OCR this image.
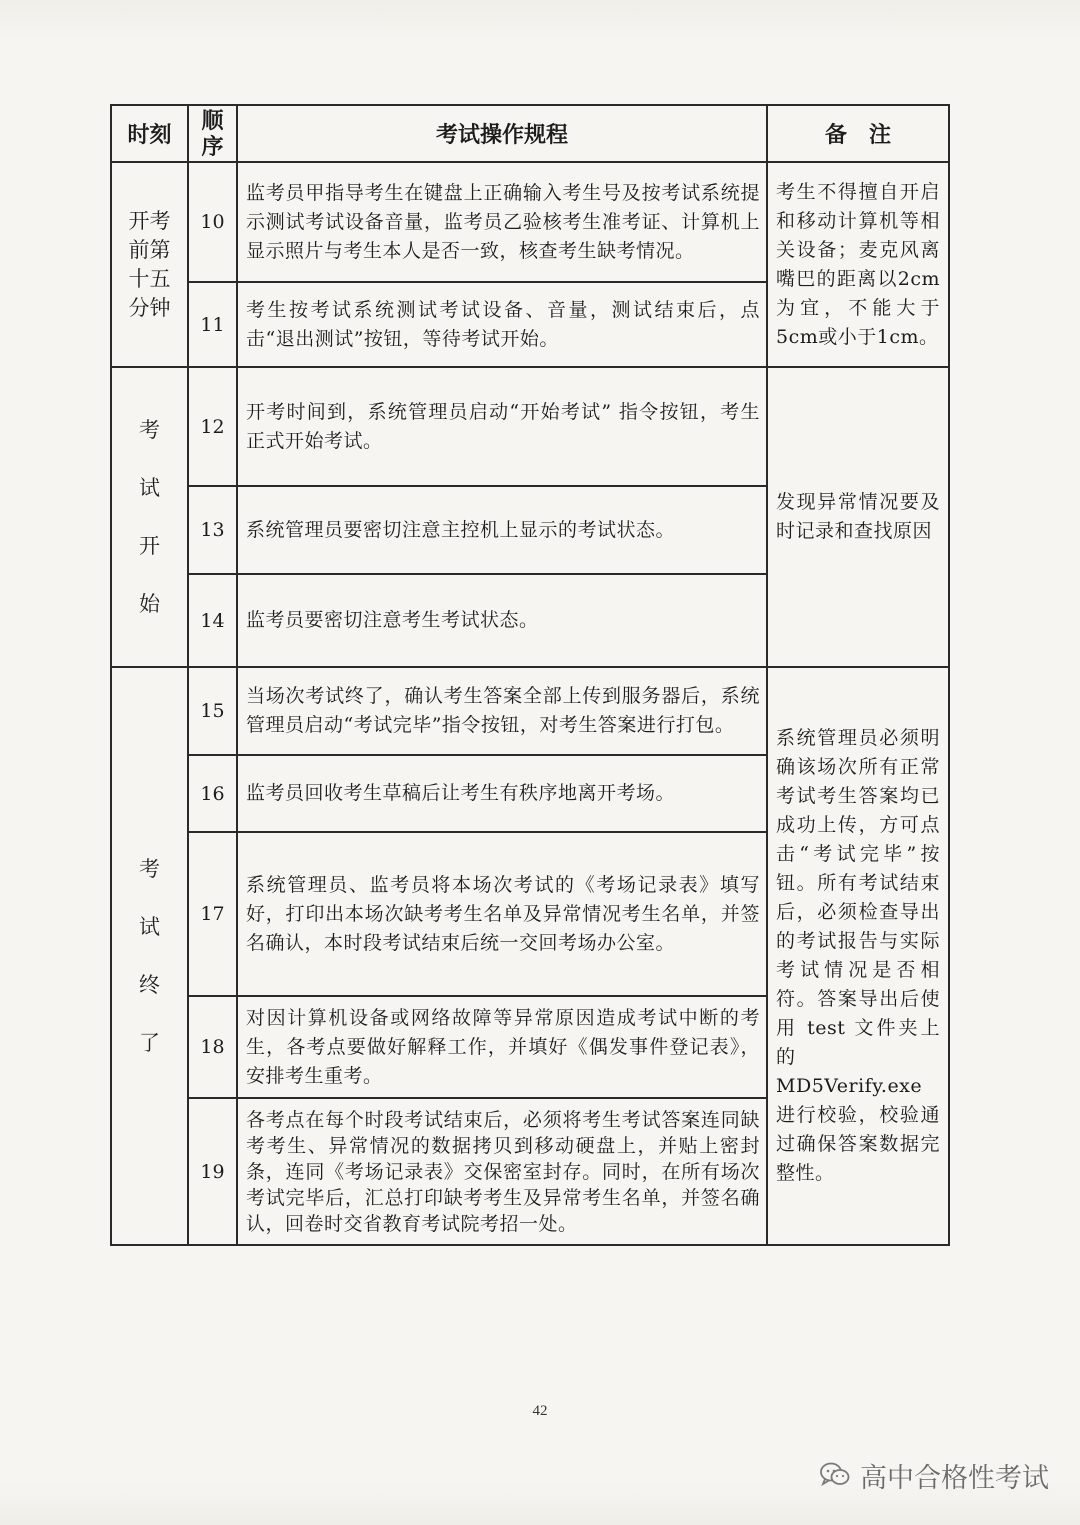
时刻	顺序	考试操作规程	备　注
开考前第十五分钟	10	监考员甲指导考生在键盘上正确输入考生号及按考试系统提示测试考试设备音量，监考员乙验核考生准考证、计算机上显示照片与考生本人是否一致，核查考生缺考情况。	考生不得擅自开启和移动计算机等相关设备；麦克风离嘴巴的距离以2cm为宜，不能大于5cm或小于1cm。
	11	考生按考试系统测试考试设备、音量，测试结束后，点击“退出测试”按钮，等待考试开始。	
考试开始	12	开考时间到，系统管理员启动“开始考试” 指令按钮，考生正式开始考试。	发现异常情况要及时记录和查找原因
	13	系统管理员要密切注意主控机上显示的考试状态。	
	14	监考员要密切注意考生考试状态。	
考试终了	15	当场次考试终了，确认考生答案全部上传到服务器后，系统管理员启动“考试完毕”指令按钮，对考生答案进行打包。	系统管理员必须明确该场次所有正常考试考生答案均已成功上传，方可点击“考试完毕”按钮。所有考试结束后，必须检查导出的考试报告与实际考试情况是否相符。答案导出后使用 test 文件夹上　　　　　的MD5Verify.exe 进行校验，校验通过确保答案数据完整性。
	16	监考员回收考生草稿后让考生有秩序地离开考场。	
	17	系统管理员、监考员将本场次考试的《考场记录表》填写好，打印出本场次缺考考生名单及异常情况考生名单，并签名确认，本时段考试结束后统一交回考场办公室。	
	18	对因计算机设备或网络故障等异常原因造成考试中断的考生，各考点要做好解释工作，并填好《偶发事件登记表》，安排考生重考。	
	19	各考点在每个时段考试结束后，必须将考生考试答案连同缺考考生、异常情况的数据拷贝到移动硬盘上，并贴上密封条，连同《考场记录表》交保密室封存。同时，在所有场次考试完毕后，汇总打印缺考考生及异常考生名单，并签名确认，回卷时交省教育考试院考招一处。	
42
高中合格性考试
